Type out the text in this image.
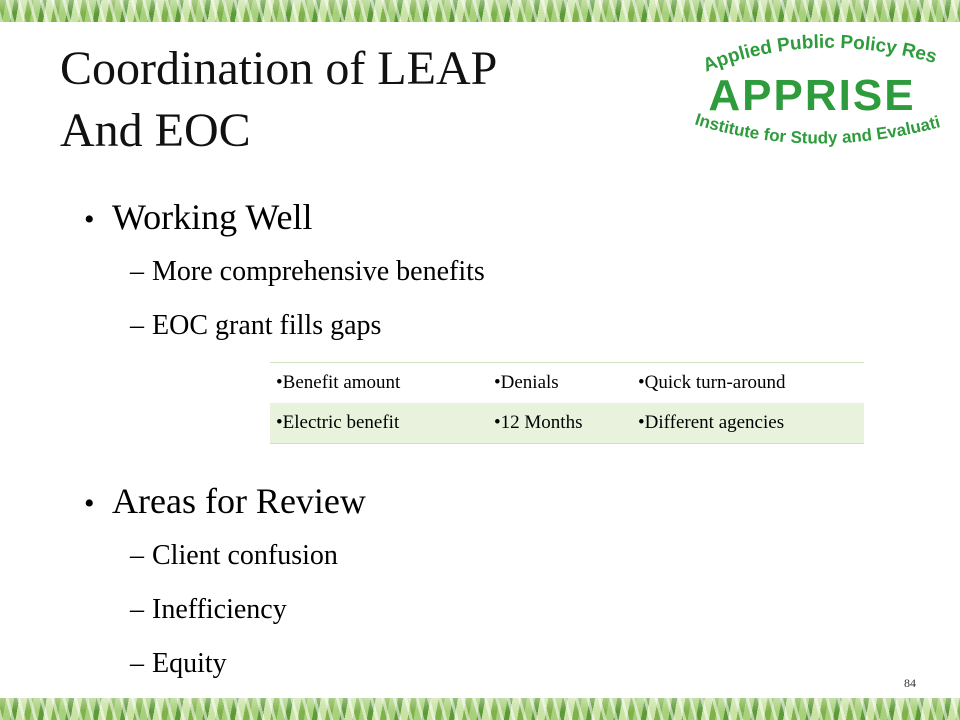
Coordination of LEAP
And EOC
Applied Public Policy Res
APPRISE
Institute for Study and Evaluati
• Working Well
– More comprehensive benefits
– EOC grant fills gaps
•Benefit amount	•Denials	•Quick turn-around
•Electric benefit	•12 Months	•Different agencies
• Areas for Review
– Client confusion
– Inefficiency
– Equity
84
